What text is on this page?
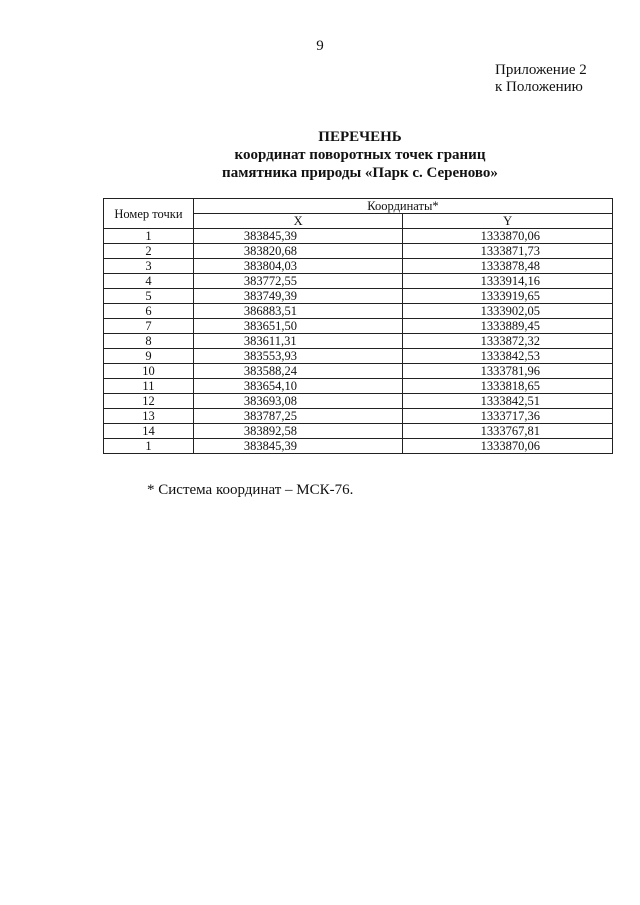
9
Приложение 2
к Положению
ПЕРЕЧЕНЬ
координат поворотных точек границ
памятника природы «Парк с. Сереново»
Номер точки	Координаты*	
	X	Y
1	383845,39	1333870,06
2	383820,68	1333871,73
3	383804,03	1333878,48
4	383772,55	1333914,16
5	383749,39	1333919,65
6	386883,51	1333902,05
7	383651,50	1333889,45
8	383611,31	1333872,32
9	383553,93	1333842,53
10	383588,24	1333781,96
11	383654,10	1333818,65
12	383693,08	1333842,51
13	383787,25	1333717,36
14	383892,58	1333767,81
1	383845,39	1333870,06
* Система координат – МСК-76.
